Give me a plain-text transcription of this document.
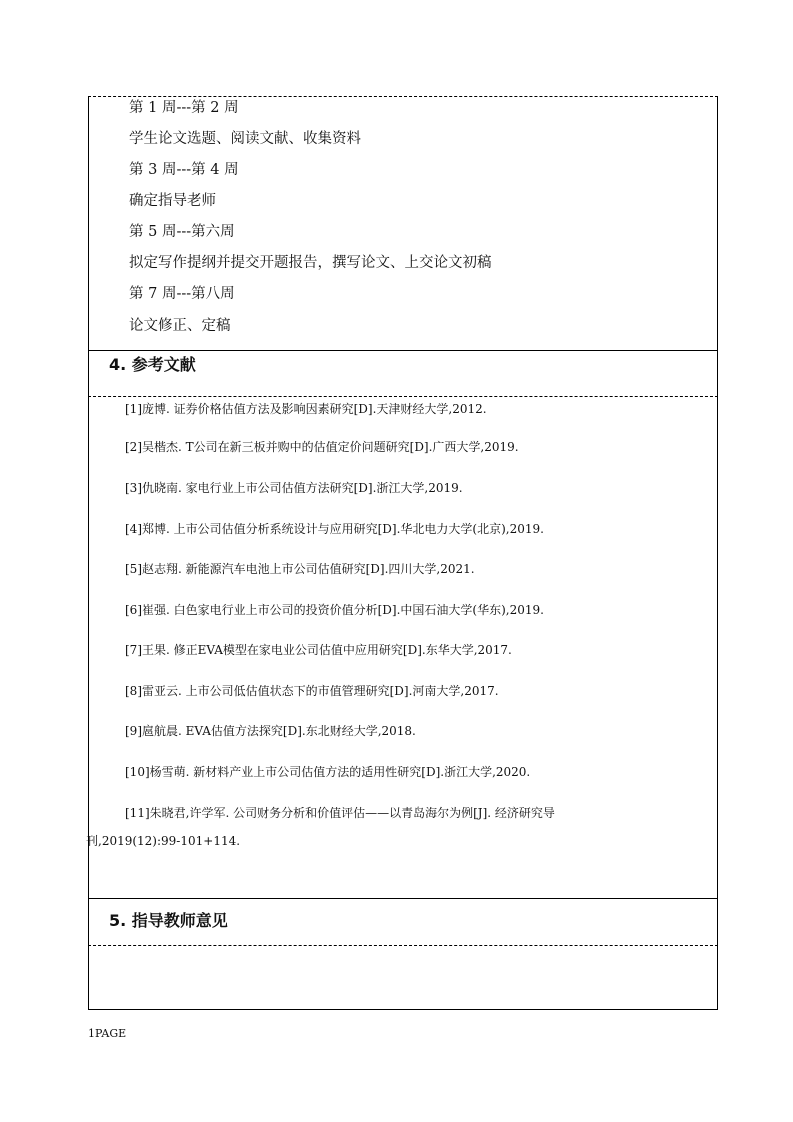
第 1 周---第 2 周
学生论文选题、阅读文献、收集资料
第 3 周---第 4 周
确定指导老师
第 5 周---第六周
拟定写作提纲并提交开题报告，撰写论文、上交论文初稿
第 7 周---第八周
论文修正、定稿
4. 参考文献
[1]庞博. 证券价格估值方法及影响因素研究[D].天津财经大学,2012.
[2]吴楷杰. T公司在新三板并购中的估值定价问题研究[D].广西大学,2019.
[3]仇晓南. 家电行业上市公司估值方法研究[D].浙江大学,2019.
[4]郑博. 上市公司估值分析系统设计与应用研究[D].华北电力大学(北京),2019.
[5]赵志翔. 新能源汽车电池上市公司估值研究[D].四川大学,2021.
[6]崔强. 白色家电行业上市公司的投资价值分析[D].中国石油大学(华东),2019.
[7]王果. 修正EVA模型在家电业公司估值中应用研究[D].东华大学,2017.
[8]雷亚云. 上市公司低估值状态下的市值管理研究[D].河南大学,2017.
[9]扈航晨. EVA估值方法探究[D].东北财经大学,2018.
[10]杨雪萌. 新材料产业上市公司估值方法的适用性研究[D].浙江大学,2020.
[11]朱晓君,许学军. 公司财务分析和价值评估——以青岛海尔为例[J]. 经济研究导
刊,2019(12):99-101+114.
5. 指导教师意见
1PAGE
